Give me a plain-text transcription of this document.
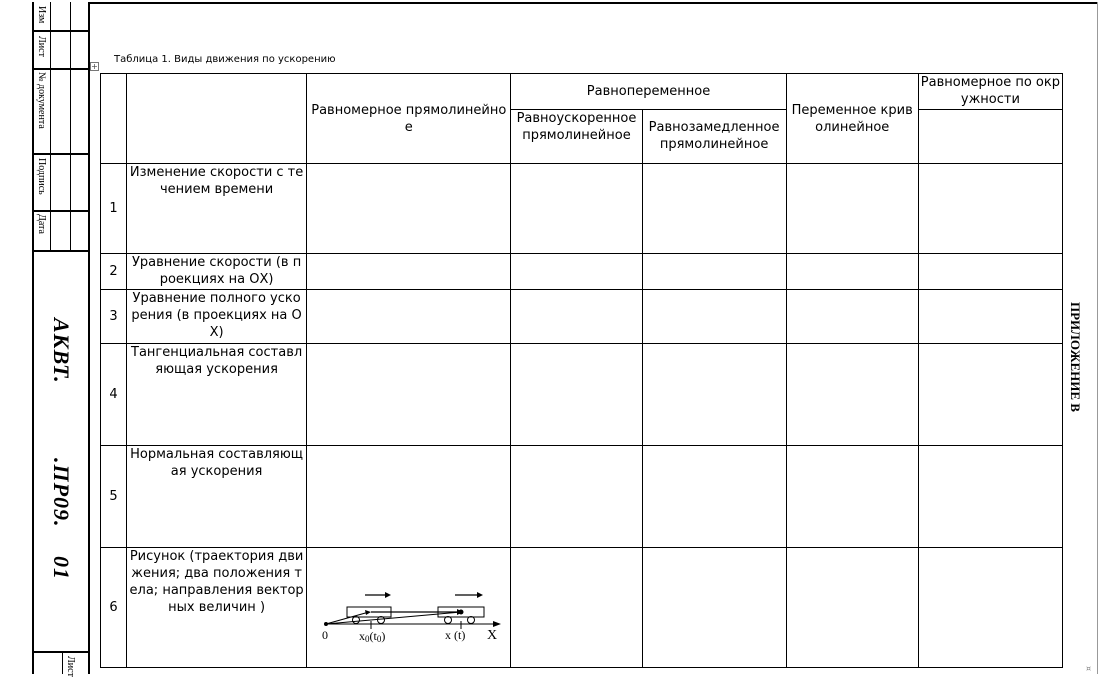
Изм
Лист
№ документа
Подпись
Дата
АКВТ.
.ПР09.
01
Лист
ПРИЛОЖЕНИЕ В
Таблица 1. Виды движения по ускорению
+
		Равномерное прямолинейное	Равнопеременное		Переменное криволинейное	Равномерное по окружности
			Равноускоренное прямолинейное	Равнозамедленное прямолинейное		
1	Изменение скорости с течением времени					
2	Уравнение скорости (в проекциях на ОХ)					
3	Уравнение полного ускорения (в проекциях на ОХ)					
4	Тангенциальная составляющая ускорения					
5	Нормальная составляющая ускорения					
6	Рисунок (траектория движения; два положения тела; направления векторных величин )	0 x0(t0) x (t) X				

¤
